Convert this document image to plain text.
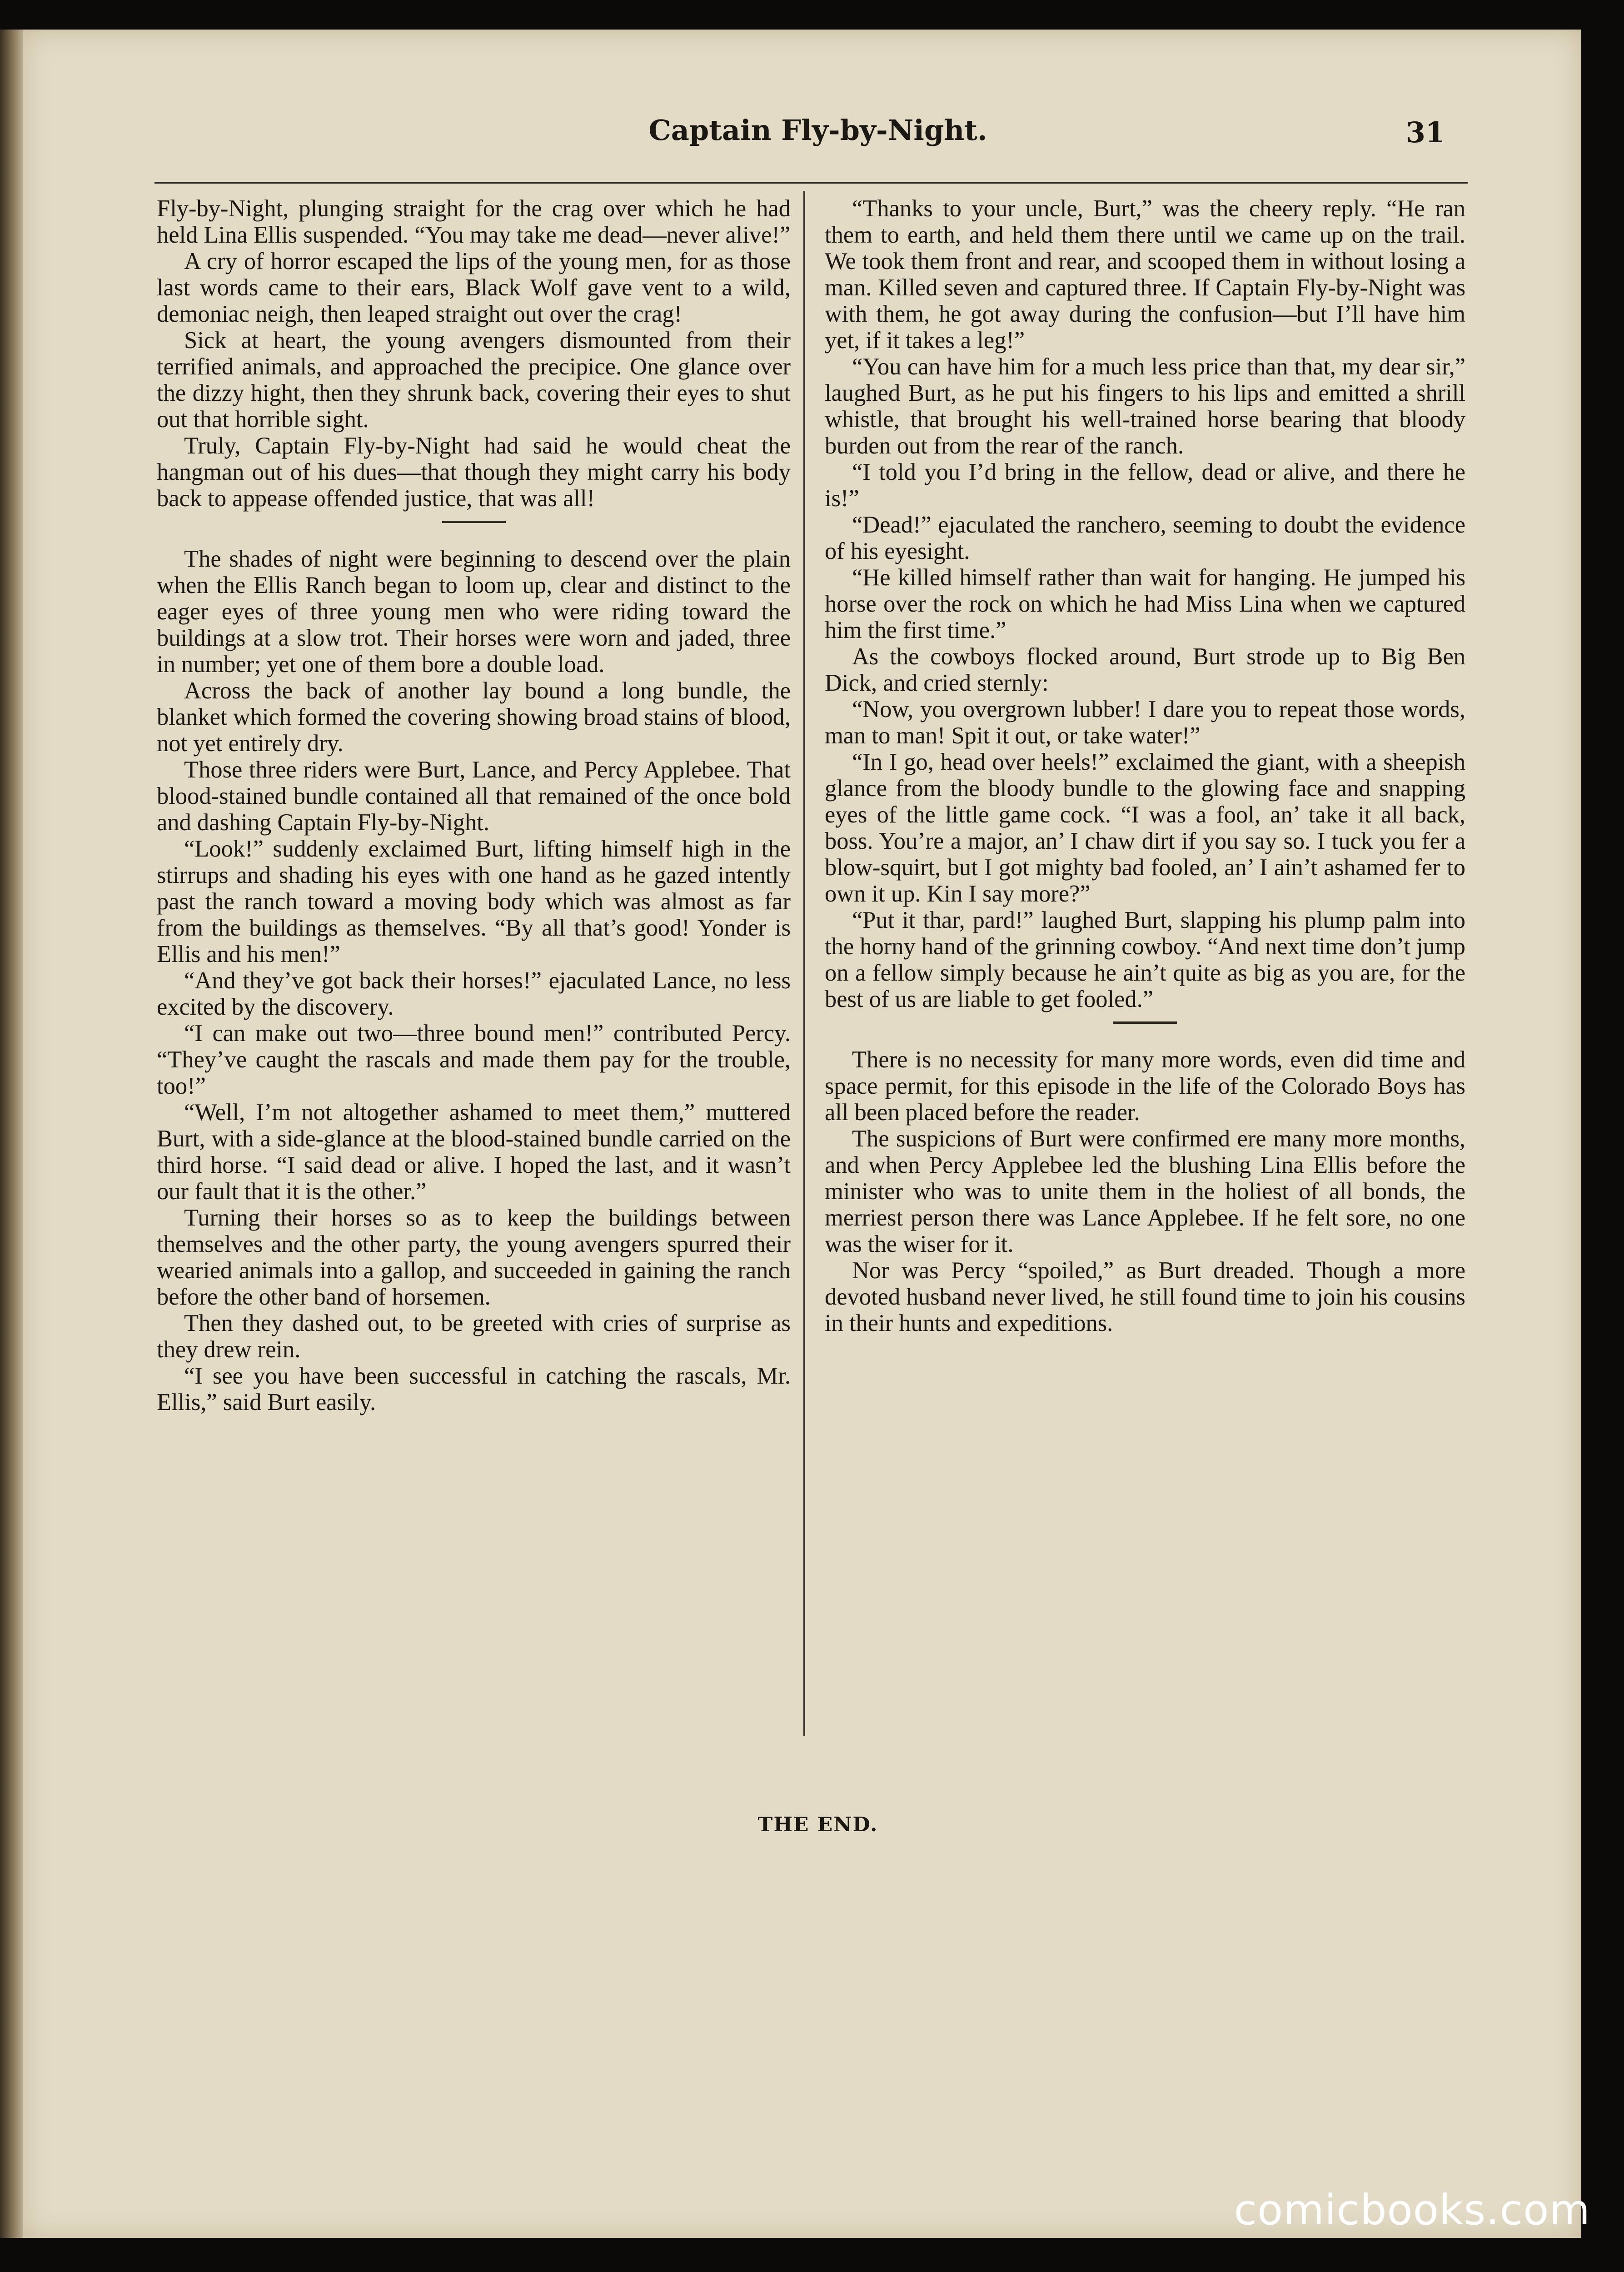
Captain Fly-by-Night.	31

Fly-by-Night, plunging straight for the crag over which he had held Lina Ellis suspended. “You may take me dead—never alive!”

A cry of horror escaped the lips of the young men, for as those last words came to their ears, Black Wolf gave vent to a wild, demoniac neigh, then leaped straight out over the crag!

Sick at heart, the young avengers dismounted from their terrified animals, and approached the precipice. One glance over the dizzy hight, then they shrunk back, covering their eyes to shut out that horrible sight.

Truly, Captain Fly-by-Night had said he would cheat the hangman out of his dues—that though they might carry his body back to appease offended justice, that was all!

The shades of night were beginning to descend over the plain when the Ellis Ranch began to loom up, clear and distinct to the eager eyes of three young men who were riding toward the buildings at a slow trot. Their horses were worn and jaded, three in number; yet one of them bore a double load.

Across the back of another lay bound a long bundle, the blanket which formed the covering showing broad stains of blood, not yet entirely dry.

Those three riders were Burt, Lance, and Percy Applebee. That blood-stained bundle contained all that remained of the once bold and dashing Captain Fly-by-Night.

“Look!” suddenly exclaimed Burt, lifting himself high in the stirrups and shading his eyes with one hand as he gazed intently past the ranch toward a moving body which was almost as far from the buildings as themselves. “By all that’s good! Yonder is Ellis and his men!”

“And they’ve got back their horses!” ejaculated Lance, no less excited by the discovery.

“I can make out two—three bound men!” contributed Percy. “They’ve caught the rascals and made them pay for the trouble, too!”

“Well, I’m not altogether ashamed to meet them,” muttered Burt, with a side-glance at the blood-stained bundle carried on the third horse. “I said dead or alive. I hoped the last, and it wasn’t our fault that it is the other.”

Turning their horses so as to keep the buildings between themselves and the other party, the young avengers spurred their wearied animals into a gallop, and succeeded in gaining the ranch before the other band of horsemen.

Then they dashed out, to be greeted with cries of surprise as they drew rein.

“I see you have been successful in catching the rascals, Mr. Ellis,” said Burt easily.

“Thanks to your uncle, Burt,” was the cheery reply. “He ran them to earth, and held them there until we came up on the trail. We took them front and rear, and scooped them in without losing a man. Killed seven and captured three. If Captain Fly-by-Night was with them, he got away during the confusion—but I’ll have him yet, if it takes a leg!”

“You can have him for a much less price than that, my dear sir,” laughed Burt, as he put his fingers to his lips and emitted a shrill whistle, that brought his well-trained horse bearing that bloody burden out from the rear of the ranch.

“I told you I’d bring in the fellow, dead or alive, and there he is!”

“Dead!” ejaculated the ranchero, seeming to doubt the evidence of his eyesight.

“He killed himself rather than wait for hanging. He jumped his horse over the rock on which he had Miss Lina when we captured him the first time.”

As the cowboys flocked around, Burt strode up to Big Ben Dick, and cried sternly:

“Now, you overgrown lubber! I dare you to repeat those words, man to man! Spit it out, or take water!”

“In I go, head over heels!” exclaimed the giant, with a sheepish glance from the bloody bundle to the glowing face and snapping eyes of the little game cock. “I was a fool, an’ take it all back, boss. You’re a major, an’ I chaw dirt if you say so. I tuck you fer a blow-squirt, but I got mighty bad fooled, an’ I ain’t ashamed fer to own it up. Kin I say more?”

“Put it thar, pard!” laughed Burt, slapping his plump palm into the horny hand of the grinning cowboy. “And next time don’t jump on a fellow simply because he ain’t quite as big as you are, for the best of us are liable to get fooled.”

There is no necessity for many more words, even did time and space permit, for this episode in the life of the Colorado Boys has all been placed before the reader.

The suspicions of Burt were confirmed ere many more months, and when Percy Applebee led the blushing Lina Ellis before the minister who was to unite them in the holiest of all bonds, the merriest person there was Lance Applebee. If he felt sore, no one was the wiser for it.

Nor was Percy “spoiled,” as Burt dreaded. Though a more devoted husband never lived, he still found time to join his cousins in their hunts and expeditions.

THE END.
comicbooks.com
